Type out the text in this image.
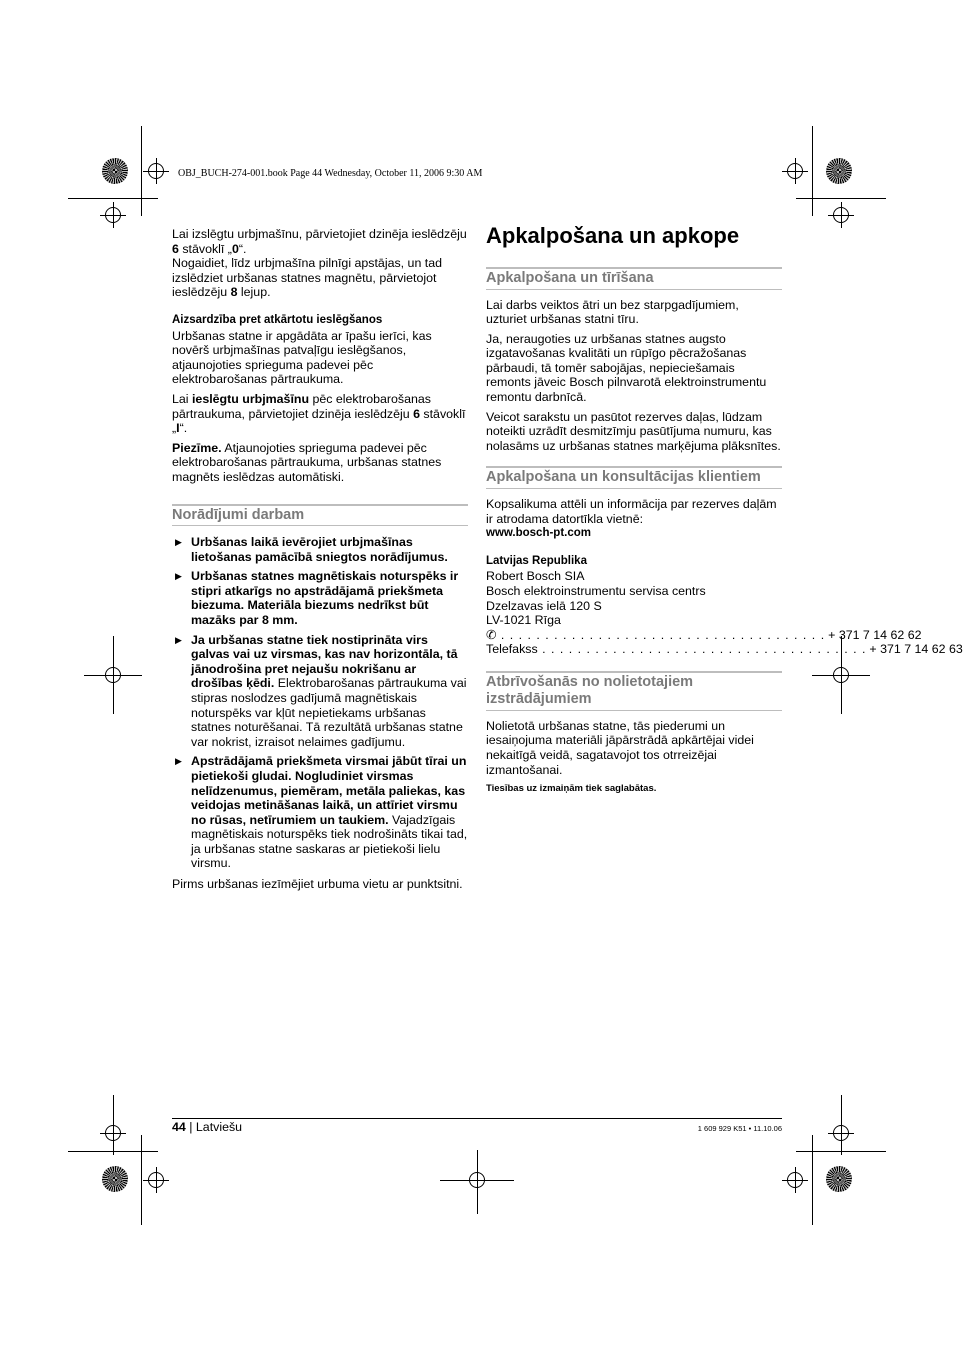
OBJ_BUCH-274-001.book Page 44 Wednesday, October 11, 2006 9:30 AM

Lai izslēgtu urbjmašīnu, pārvietojiet dzinēja ieslēdzēju 6 stāvoklī „0“.

Nogaidiet, līdz urbjmašīna pilnīgi apstājas, un tad izslēdziet urbšanas statnes magnētu, pārvietojot ieslēdzēju 8 lejup.

Aizsardzība pret atkārtotu ieslēgšanos

Urbšanas statne ir apgādāta ar īpašu ierīci, kas novērš urbjmašīnas patvaļīgu ieslēgšanos, atjaunojoties sprieguma padevei pēc elektrobarošanas pārtraukuma.

Lai ieslēgtu urbjmašīnu pēc elektrobarošanas pārtraukuma, pārvietojiet dzinēja ieslēdzēju 6 stāvoklī „I“.

Piezīme. Atjaunojoties sprieguma padevei pēc elektrobarošanas pārtraukuma, urbšanas statnes magnēts ieslēdzas automātiski.

Norādījumi darbam
▶ Urbšanas laikā ievērojiet urbjmašīnas lietošanas pamācībā sniegtos norādījumus.
▶ Urbšanas statnes magnētiskais noturspēks ir stipri atkarīgs no apstrādājamā priekšmeta biezuma. Materiāla biezums nedrīkst būt mazāks par 8 mm.
▶ Ja urbšanas statne tiek nostiprināta virs galvas vai uz virsmas, kas nav horizontāla, tā jānodrošina pret nejaušu nokrišanu ar drošības ķēdi. Elektrobarošanas pārtraukuma vai stipras noslodzes gadījumā magnētiskais noturspēks var kļūt nepietiekams urbšanas statnes noturēšanai. Tā rezultātā urbšanas statne var nokrist, izraisot nelaimes gadījumu.
▶ Apstrādājamā priekšmeta virsmai jābūt tīrai un pietiekoši gludai. Nogludiniet virsmas nelīdzenumus, piemēram, metāla paliekas, kas veidojas metināšanas laikā, un attīriet virsmu no rūsas, netīrumiem un taukiem. Vajadzīgais magnētiskais noturspēks tiek nodrošināts tikai tad, ja urbšanas statne saskaras ar pietiekoši lielu virsmu.

Pirms urbšanas iezīmējiet urbuma vietu ar punktsitni.

Apkalpošana un apkope
Apkalpošana un tīrīšana

Lai darbs veiktos ātri un bez starpgadījumiem, uzturiet urbšanas statni tīru.

Ja, neraugoties uz urbšanas statnes augsto izgatavošanas kvalitāti un rūpīgo pēcražošanas pārbaudi, tā tomēr sabojājas, nepieciešamais remonts jāveic Bosch pilnvarotā elektroinstrumentu remontu darbnīcā.

Veicot sarakstu un pasūtot rezerves daļas, lūdzam noteikti uzrādīt desmitzīmju pasūtījuma numuru, kas nolasāms uz urbšanas statnes marķējuma plāksnītes.

Apkalpošana un konsultācijas klientiem

Kopsalikuma attēli un informācija par rezerves daļām ir atrodama datortīkla vietnē:

www.bosch-pt.com

Latvijas Republika
Robert Bosch SIA
Bosch elektroinstrumentu servisa centrs
Dzelzavas ielā 120 S
LV-1021 Rīga
✆ . . . . . . . . . . . . . . . . . . . . . . . . . . . . . . . . . . . . . + 371 7 14 62 62
Telefakss . . . . . . . . . . . . . . . . . . . . . . . . . . . . . . . . . . . . . + 371 7 14 62 63
Atbrīvošanās no nolietotajiem izstrādājumiem

Nolietotā urbšanas statne, tās piederumi un iesaiņojuma materiāli jāpārstrādā apkārtējai videi nekaitīgā veidā, sagatavojot tos otrreizējai izmantošanai.

Tiesības uz izmaiņām tiek saglabātas.

44 | Latviešu	1 609 929 K51 • 11.10.06
